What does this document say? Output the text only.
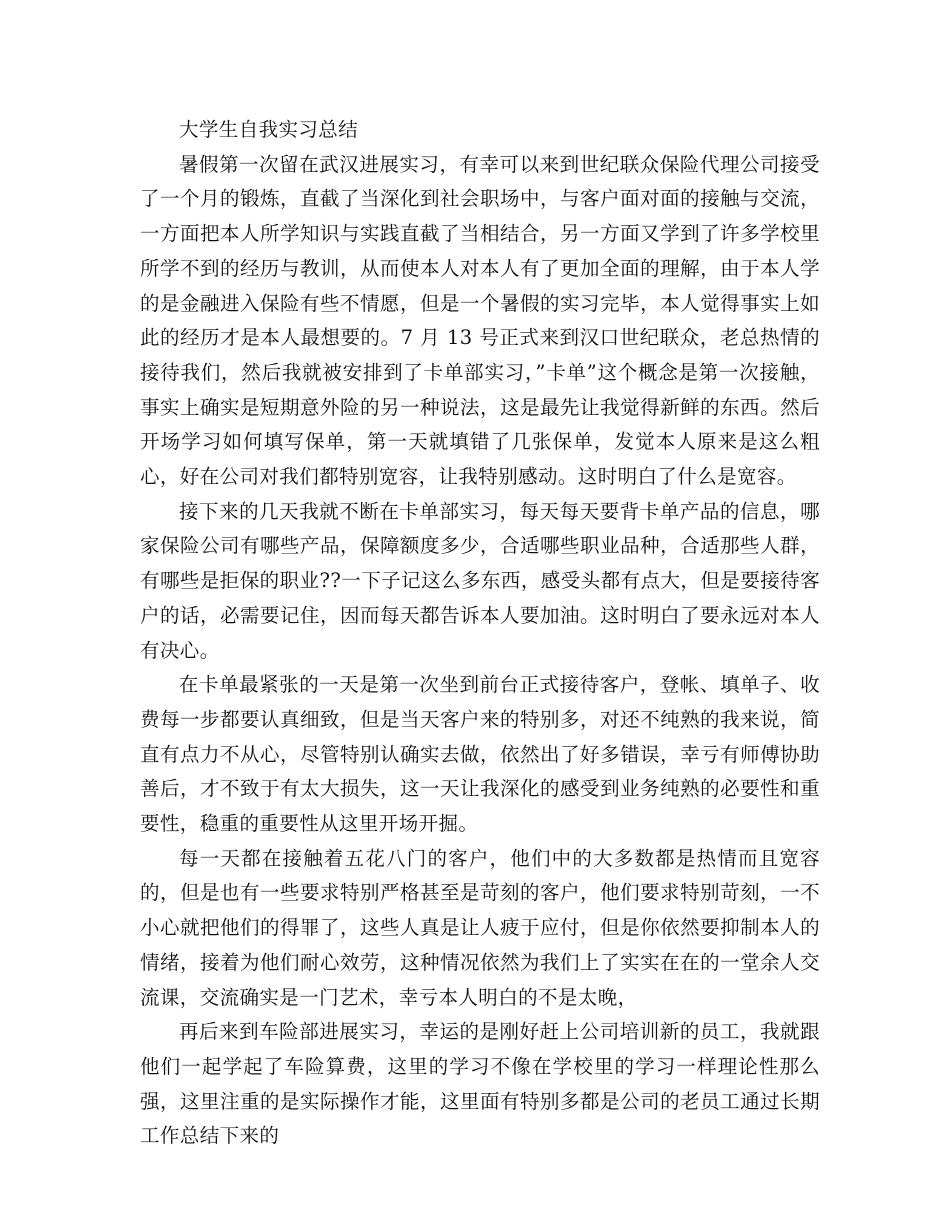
大学生自我实习总结

暑假第一次留在武汉进展实习，有幸可以来到世纪联众保险代理公司接受了一个月的锻炼，直截了当深化到社会职场中，与客户面对面的接触与交流，一方面把本人所学知识与实践直截了当相结合，另一方面又学到了许多学校里所学不到的经历与教训，从而使本人对本人有了更加全面的理解，由于本人学的是金融进入保险有些不情愿，但是一个暑假的实习完毕，本人觉得事实上如此的经历才是本人最想要的。7 月 13 号正式来到汉口世纪联众，老总热情的接待我们，然后我就被安排到了卡单部实习，”卡单”这个概念是第一次接触，事实上确实是短期意外险的另一种说法，这是最先让我觉得新鲜的东西。然后开场学习如何填写保单，第一天就填错了几张保单，发觉本人原来是这么粗心，好在公司对我们都特别宽容，让我特别感动。这时明白了什么是宽容。

接下来的几天我就不断在卡单部实习，每天每天要背卡单产品的信息，哪家保险公司有哪些产品，保障额度多少，合适哪些职业品种，合适那些人群，有哪些是拒保的职业??一下子记这么多东西，感受头都有点大，但是要接待客户的话，必需要记住，因而每天都告诉本人要加油。这时明白了要永远对本人有决心。

在卡单最紧张的一天是第一次坐到前台正式接待客户，登帐、填单子、收费每一步都要认真细致，但是当天客户来的特别多，对还不纯熟的我来说，简直有点力不从心，尽管特别认确实去做，依然出了好多错误，幸亏有师傅协助善后，才不致于有太大损失，这一天让我深化的感受到业务纯熟的必要性和重要性，稳重的重要性从这里开场开掘。

每一天都在接触着五花八门的客户，他们中的大多数都是热情而且宽容的，但是也有一些要求特别严格甚至是苛刻的客户，他们要求特别苛刻，一不小心就把他们的得罪了，这些人真是让人疲于应付，但是你依然要抑制本人的情绪，接着为他们耐心效劳，这种情况依然为我们上了实实在在的一堂余人交流课，交流确实是一门艺术，幸亏本人明白的不是太晚，

再后来到车险部进展实习，幸运的是刚好赶上公司培训新的员工，我就跟他们一起学起了车险算费，这里的学习不像在学校里的学习一样理论性那么强，这里注重的是实际操作才能，这里面有特别多都是公司的老员工通过长期工作总结下来的
